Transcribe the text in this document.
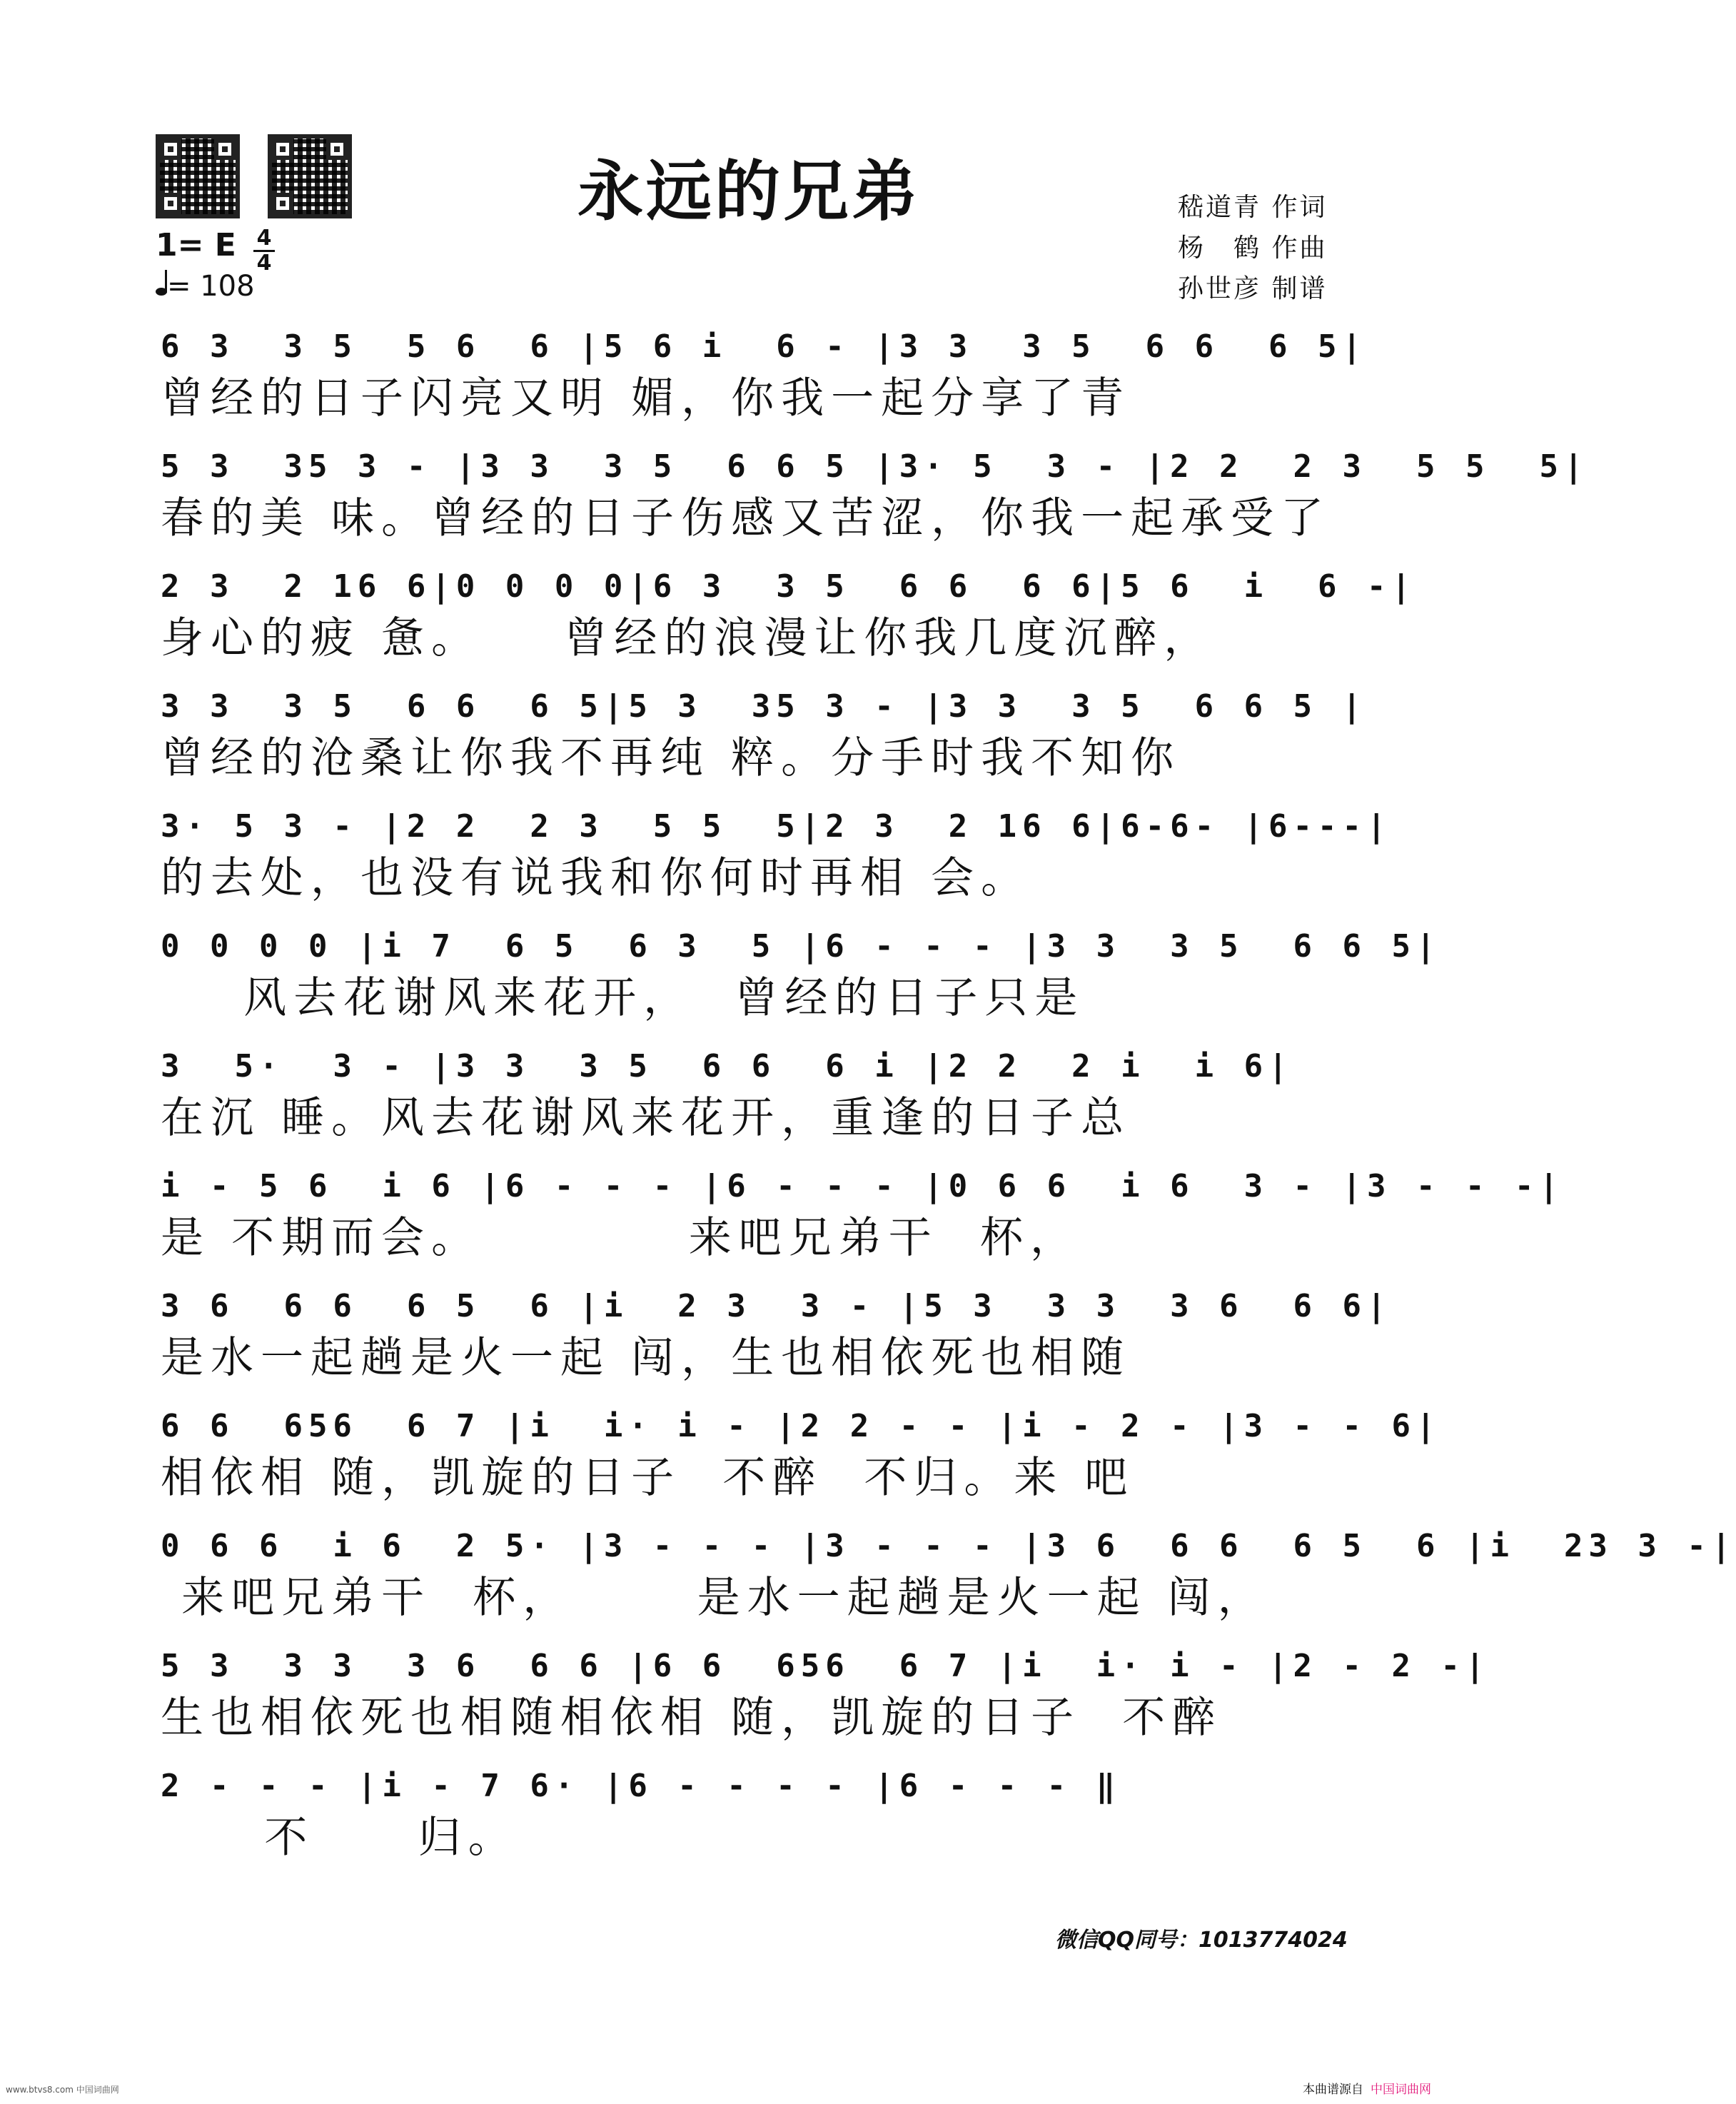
永远的兄弟	嵇道青 作词
杨　鹤 作曲
孙世彦 制谱
1= E 4
4
= 108
6 3  3 5  5 6  6 |5 6 i  6 - |3 3  3 5  6 6  6 5|
曾经的日子闪亮又明 媚，你我一起分享了青
5 3  35 3 - |3 3  3 5  6 6 5 |3· 5  3 - |2 2  2 3  5 5  5|
春的美 味。曾经的日子伤感又苦涩，你我一起承受了
2 3  2 16 6|0 0 0 0|6 3  3 5  6 6  6 6|5 6  i  6 -|
身心的疲 惫。    曾经的浪漫让你我几度沉醉，
3 3  3 5  6 6  6 5|5 3  35 3 - |3 3  3 5  6 6 5 |
曾经的沧桑让你我不再纯 粹。分手时我不知你
3· 5 3 - |2 2  2 3  5 5  5|2 3  2 16 6|6-6- |6---|
的去处，也没有说我和你何时再相 会。
0 0 0 0 |i 7  6 5  6 3  5 |6 - - - |3 3  3 5  6 6 5|
风去花谢风来花开，  曾经的日子只是
3  5·  3 - |3 3  3 5  6 6  6 i |2 2  2 i  i 6|
在沉 睡。风去花谢风来花开，重逢的日子总
i - 5 6  i 6 |6 - - - |6 - - - |0 6 6  i 6  3 - |3 - - -|
是 不期而会。          来吧兄弟干  杯，
3 6  6 6  6 5  6 |i  2 3  3 - |5 3  3 3  3 6  6 6|
是水一起趟是火一起 闯，生也相依死也相随
6 6  656  6 7 |i  i· i - |2 2 - - |i - 2 - |3 - - 6|
相依相 随，凯旋的日子  不醉  不归。来 吧
0 6 6  i 6  2 5· |3 - - - |3 - - - |3 6  6 6  6 5  6 |i  23 3 -|
来吧兄弟干  杯，      是水一起趟是火一起 闯，
5 3  3 3  3 6  6 6 |6 6  656  6 7 |i  i· i - |2 - 2 -|
生也相依死也相随相依相 随，凯旋的日子  不醉
2 - - - |i - 7 6· |6 - - - - |6 - - - ‖
不     归。
微信QQ同号：1013774024
www.btvs8.com 中国词曲网	本曲谱源自 中国词曲网
